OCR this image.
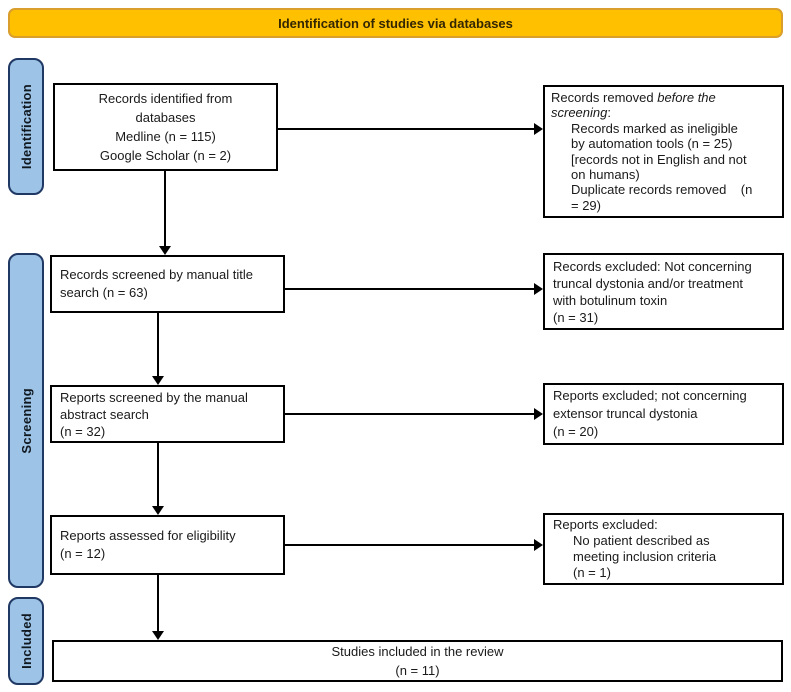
Identification of studies via databases
Identification
Screening
Included
Records identified from
databases
Medline (n = 115)
Google Scholar (n = 2)
Records removed before the
screening:
Records marked as ineligible
by automation tools (n = 25)
[records not in English and not
on humans)
Duplicate records removed    (n
= 29)
Records screened by manual title
search (n = 63)
Records excluded: Not concerning
truncal dystonia and/or treatment
with botulinum toxin
(n = 31)
Reports screened by the manual
abstract search
(n = 32)
Reports excluded; not concerning
extensor truncal dystonia
(n = 20)
Reports assessed for eligibility
(n = 12)
Reports excluded:
No patient described as
meeting inclusion criteria
(n = 1)
Studies included in the review
(n = 11)
